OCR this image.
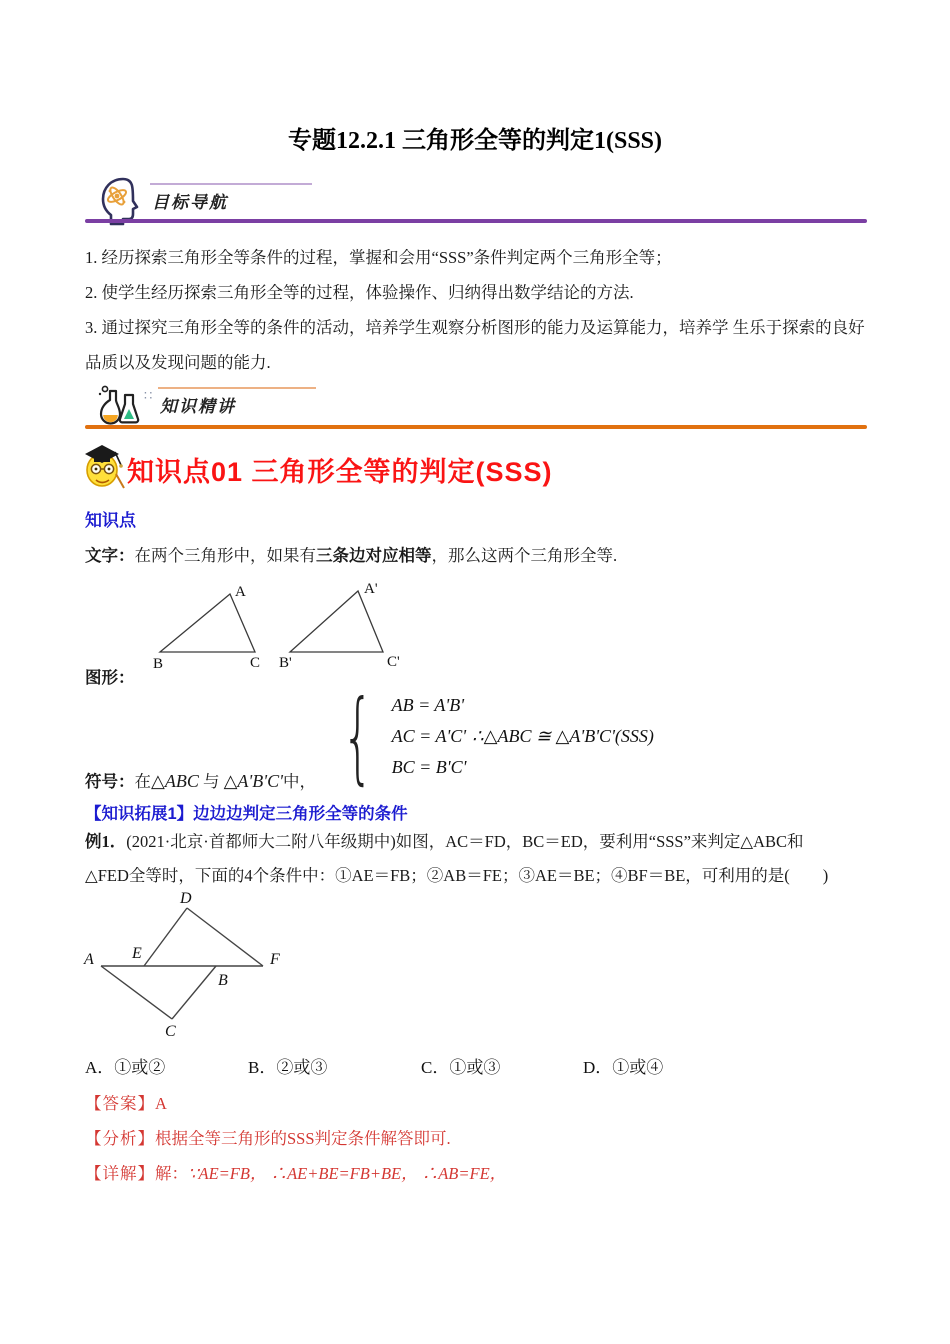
专题12.2.1 三角形全等的判定1(SSS)
目标导航

1. 经历探索三角形全等条件的过程，掌握和会用“SSS”条件判定两个三角形全等；

2. 使学生经历探索三角形全等的过程，体验操作、归纳得出数学结论的方法.

3. 通过探究三角形全等的条件的活动，培养学生观察分析图形的能力及运算能力，培养学 生乐于探索的良好品质以及发现问题的能力.

∷
知识精讲
知识点01 三角形全等的判定(SSS)
知识点
文字：在两个三角形中，如果有三条边对应相等，那么这两个三角形全等.
A
B	C
A'
B'	C'
图形： { AB = A'B'
AC = A'C' ∴△ABC ≅ △A'B'C'(SSS)
BC = B'C'
符号：在△ABC 与 △A'B'C'中，
【知识拓展1】边边边判定三角形全等的条件
例1．(2021·北京·首都师大二附八年级期中)如图，AC＝FD，BC＝ED，要利用“SSS”来判定△ABC和
△FED全等时，下面的4个条件中：①AE＝FB；②AB＝FE；③AE＝BE；④BF＝BE，可利用的是(　　)
D
E
A	F
B
C
A．①或②	B．②或③	C．①或③	D．①或④
【答案】A
【分析】根据全等三角形的SSS判定条件解答即可.
【详解】解：∵AE=FB， ∴AE+BE=FB+BE， ∴AB=FE，
